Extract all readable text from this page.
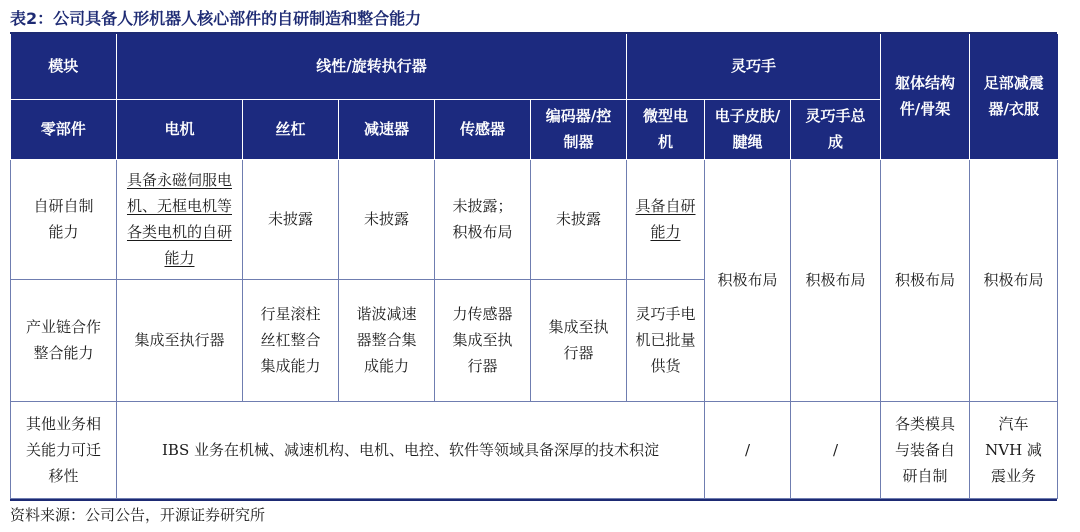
表2：公司具备人形机器人核心部件的自研制造和整合能力
模块	线性/旋转执行器					灵巧手			躯体结构件/骨架	足部减震器/衣服
零部件	电机	丝杠	减速器	传感器	编码器/控制器	微型电机	电子皮肤/腱绳	灵巧手总成		
自研自制能力	具备永磁伺服电机、无框电机等各类电机的自研能力	未披露	未披露	未披露；积极布局	未披露	具备自研能力	积极布局	积极布局	积极布局	积极布局
产业链合作整合能力	集成至执行器	行星滚柱丝杠整合集成能力	谐波减速器整合集成能力	力传感器集成至执行器	集成至执行器	灵巧手电机已批量供货				
其他业务相关能力可迁移性	IBS 业务在机械、减速机构、电机、电控、软件等领域具备深厚的技术积淀						/	/	各类模具与装备自研自制	汽车 NVH 减震业务
资料来源：公司公告，开源证券研究所
